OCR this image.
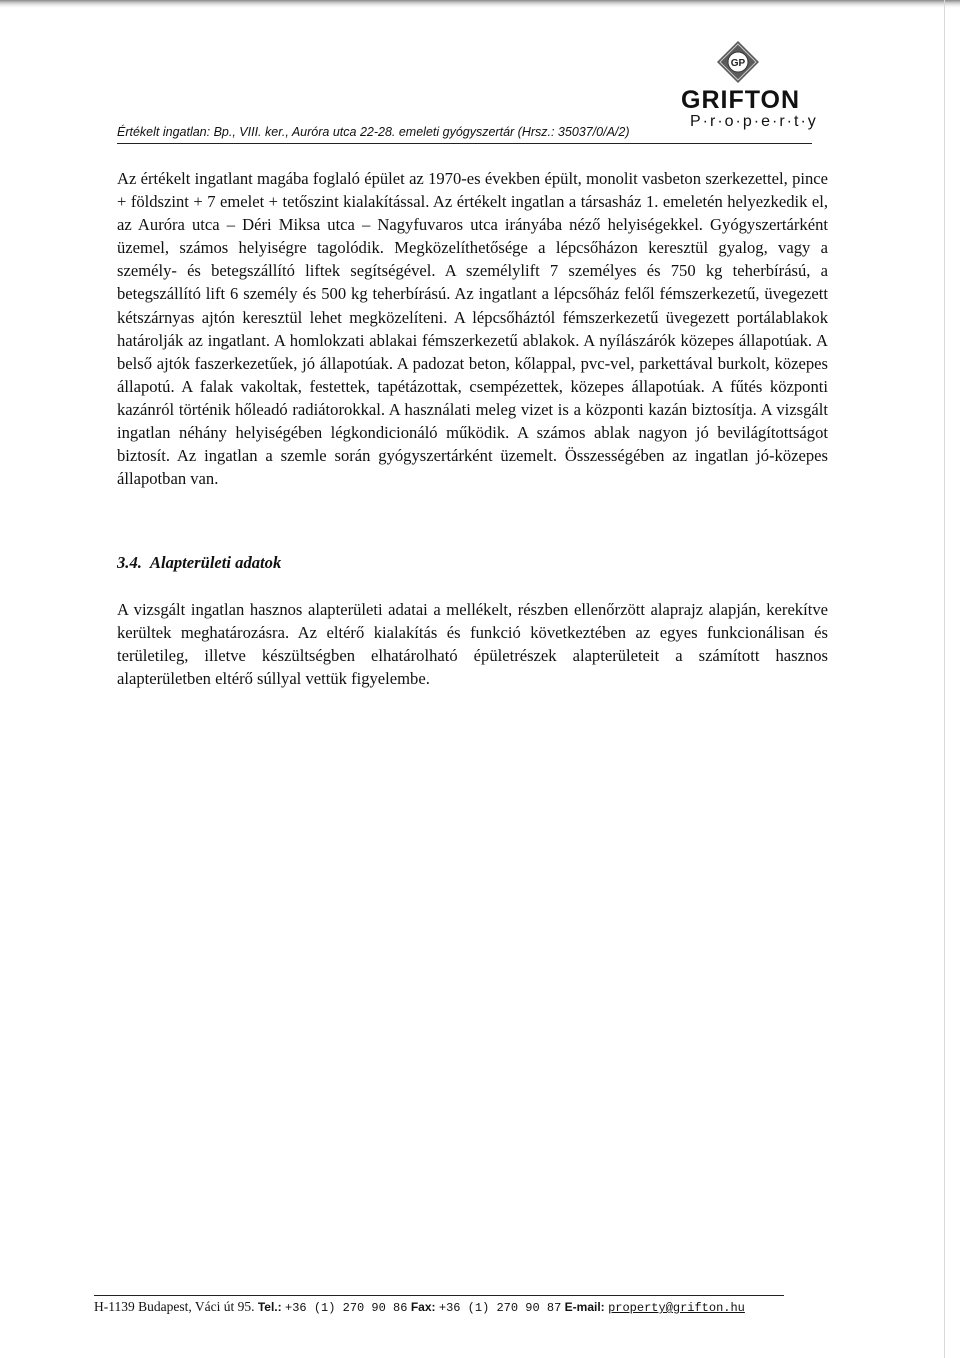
GP
GRIFTON
P·r·o·p·e·r·t·y
Értékelt ingatlan: Bp., VIII. ker., Auróra utca 22-28. emeleti gyógyszertár (Hrsz.: 35037/0/A/2)

Az értékelt ingatlant magába foglaló épület az 1970-es években épült, monolit vasbeton szerkezettel, pince + földszint + 7 emelet + tetőszint kialakítással. Az értékelt ingatlan a társasház 1. emeletén helyezkedik el, az Auróra utca – Déri Miksa utca – Nagyfuvaros utca irányába néző helyiségekkel. Gyógyszertárként üzemel, számos helyiségre tagolódik. Megközelíthetősége a lépcsőházon keresztül gyalog, vagy a személy- és betegszállító liftek segítségével. A személylift 7 személyes és 750 kg teherbírású, a betegszállító lift 6 személy és 500 kg teherbírású. Az ingatlant a lépcsőház felől fémszerkezetű, üvegezett kétszárnyas ajtón keresztül lehet megközelíteni. A lépcsőháztól fémszerkezetű üvegezett portálablakok határolják az ingatlant. A homlokzati ablakai fémszerkezetű ablakok. A nyílászárók közepes állapotúak. A belső ajtók faszerkezetűek, jó állapotúak. A padozat beton, kőlappal, pvc-vel, parkettával burkolt, közepes állapotú. A falak vakoltak, festettek, tapétázottak, csempézettek, közepes állapotúak. A fűtés központi kazánról történik hőleadó radiátorokkal. A használati meleg vizet is a központi kazán biztosítja. A vizsgált ingatlan néhány helyiségében légkondicionáló működik. A számos ablak nagyon jó bevilágítottságot biztosít. Az ingatlan a szemle során gyógyszertárként üzemelt. Összességében az ingatlan jó-közepes állapotban van.

3.4. Alapterületi adatok

A vizsgált ingatlan hasznos alapterületi adatai a mellékelt, részben ellenőrzött alaprajz alapján, kerekítve kerültek meghatározásra. Az eltérő kialakítás és funkció következtében az egyes funkcionálisan és területileg, illetve készültségben elhatárolható épületrészek alapterületeit a számított hasznos alapterületben eltérő súllyal vettük figyelembe.

H-1139 Budapest, Váci út 95. Tel.: +36 (1) 270 90 86 Fax: +36 (1) 270 90 87 E-mail: property@grifton.hu
